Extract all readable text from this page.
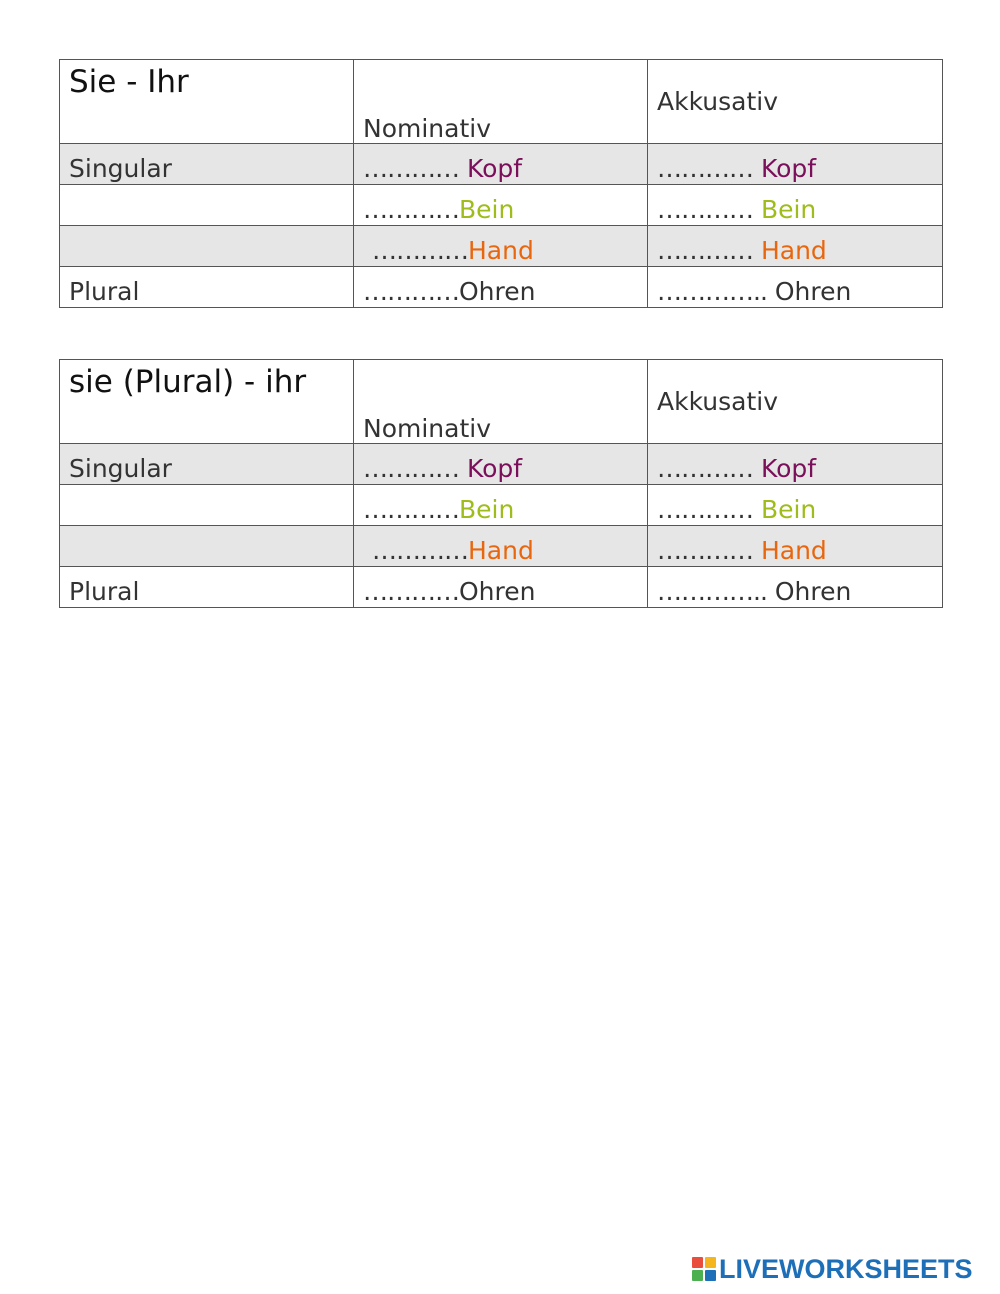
Sie - Ihr	Nominativ	Akkusativ
Singular	………… Kopf	………… Kopf
	…………Bein	………… Bein
	…………Hand	………… Hand
Plural	…………Ohren	………….. Ohren
sie (Plural) - ihr	Nominativ	Akkusativ
Singular	………… Kopf	………… Kopf
	…………Bein	………… Bein
	…………Hand	………… Hand
Plural	…………Ohren	………….. Ohren
LIVEWORKSHEETS
